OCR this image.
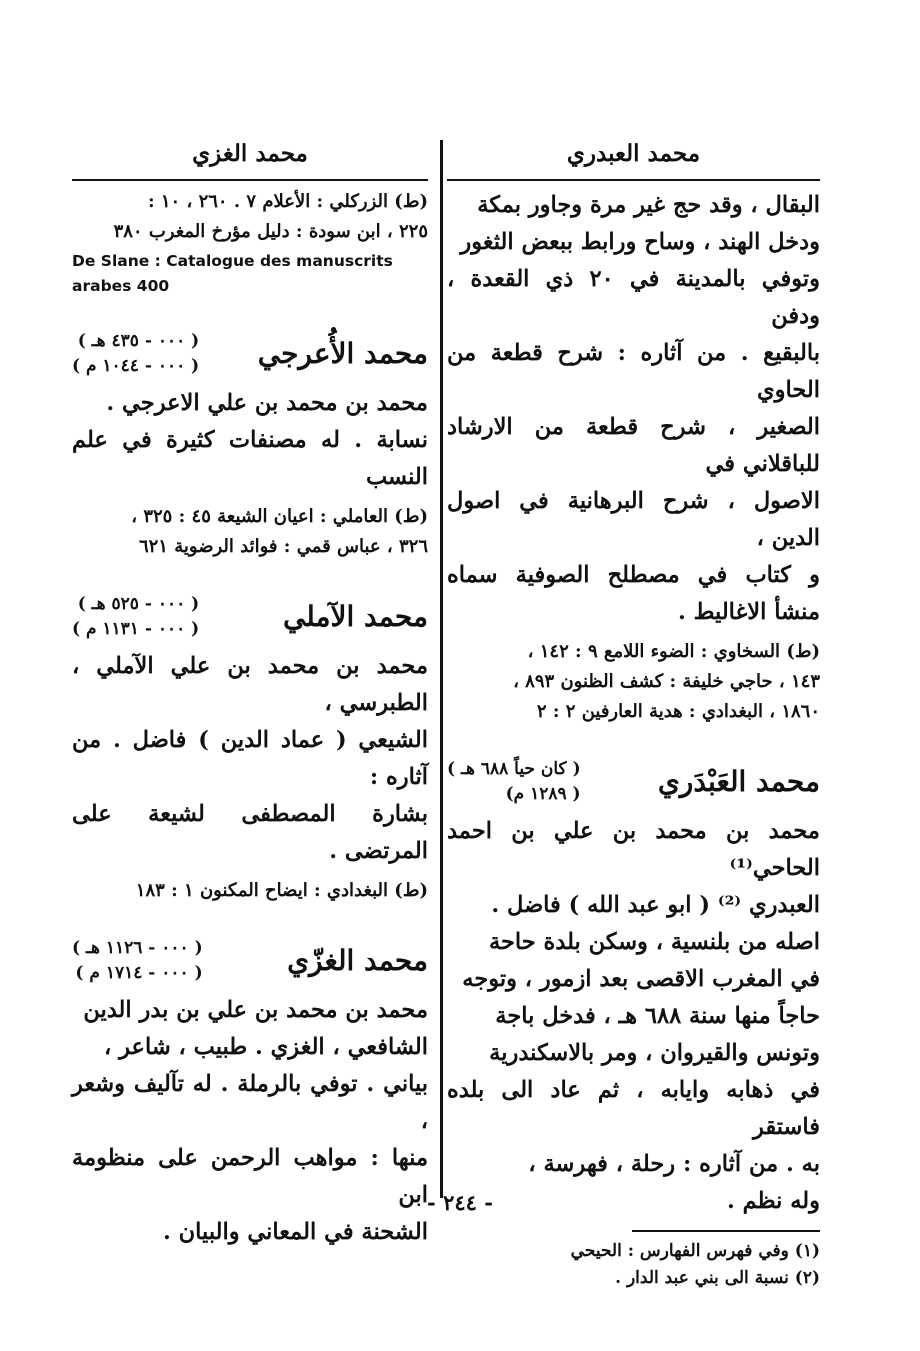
محمد العبدري

البقال ، وقد حج غير مرة وجاور بمكة

ودخل الهند ، وساح ورابط ببعض الثغور

وتوفي بالمدينة في ٢٠ ذي القعدة ، ودفن

بالبقيع . من آثاره : شرح قطعة من الحاوي

الصغير ، شرح قطعة من الارشاد للباقلاني في

الاصول ، شرح البرهانية في اصول الدين ،

و كتاب في مصطلح الصوفية سماه منشأ الاغاليط .

(ط) السخاوي : الضوء اللامع ٩ : ١٤٢ ،

١٤٣ ، حاجي خليفة : كشف الظنون ٨٩٣ ،

١٨٦٠ ، البغدادي : هدية العارفين ٢ : ٢

محمد العَبْدَري
( كان حياً ٦٨٨ هـ )
( ١٢٨٩ م)

محمد بن محمد بن علي بن احمد الحاحي⁽¹⁾

العبدري ⁽²⁾ ( ابو عبد الله ) فاضل .

اصله من بلنسية ، وسكن بلدة حاحة

في المغرب الاقصى بعد ازمور ، وتوجه

حاجاً منها سنة ٦٨٨ هـ ، فدخل باجة

وتونس والقيروان ، ومر بالاسكندرية

في ذهابه وايابه ، ثم عاد الى بلده فاستقر

به . من آثاره : رحلة ، فهرسة ،

وله نظم .

(١) وفي فهرس الفهارس : الحيحي

(٢) نسبة الى بني عبد الدار .

محمد الغزي

(ط) الزركلي : الأعلام ٧ . ٢٦٠ ، ١٠ :

٢٢٥ ، ابن سودة : دليل مؤرخ المغرب ٣٨٠

De Slane : Catalogue des manuscrits arabes 400

محمد الأُعرجي
( ٠٠٠ - ٤٣٥ هـ )
( ٠٠٠ - ١٠٤٤ م )

محمد بن محمد بن علي الاعرجي .

نسابة . له مصنفات كثيرة في علم النسب

(ط) العاملي : اعيان الشيعة ٤٥ : ٣٢٥ ،

٣٢٦ ، عباس قمي : فوائد الرضوية ٦٢١

محمد الآملي
( ٠٠٠ - ٥٢٥ هـ )
( ٠٠٠ - ١١٣١ م )

محمد بن محمد بن علي الآملي ، الطبرسي ،

الشيعي ( عماد الدين ) فاضل . من آثاره :

بشارة المصطفى لشيعة على المرتضى .

(ط) البغدادي : ايضاح المكنون ١ : ١٨٣

محمد الغزّي
( ٠٠٠ - ١١٢٦ هـ )
( ٠٠٠ - ١٧١٤ م )

محمد بن محمد بن علي بن بدر الدين

الشافعي ، الغزي . طبيب ، شاعر ،

بياني . توفي بالرملة . له تآليف وشعر ،

منها : مواهب الرحمن على منظومة ابن

الشحنة في المعاني والبيان .

- ٢٤٤ -
